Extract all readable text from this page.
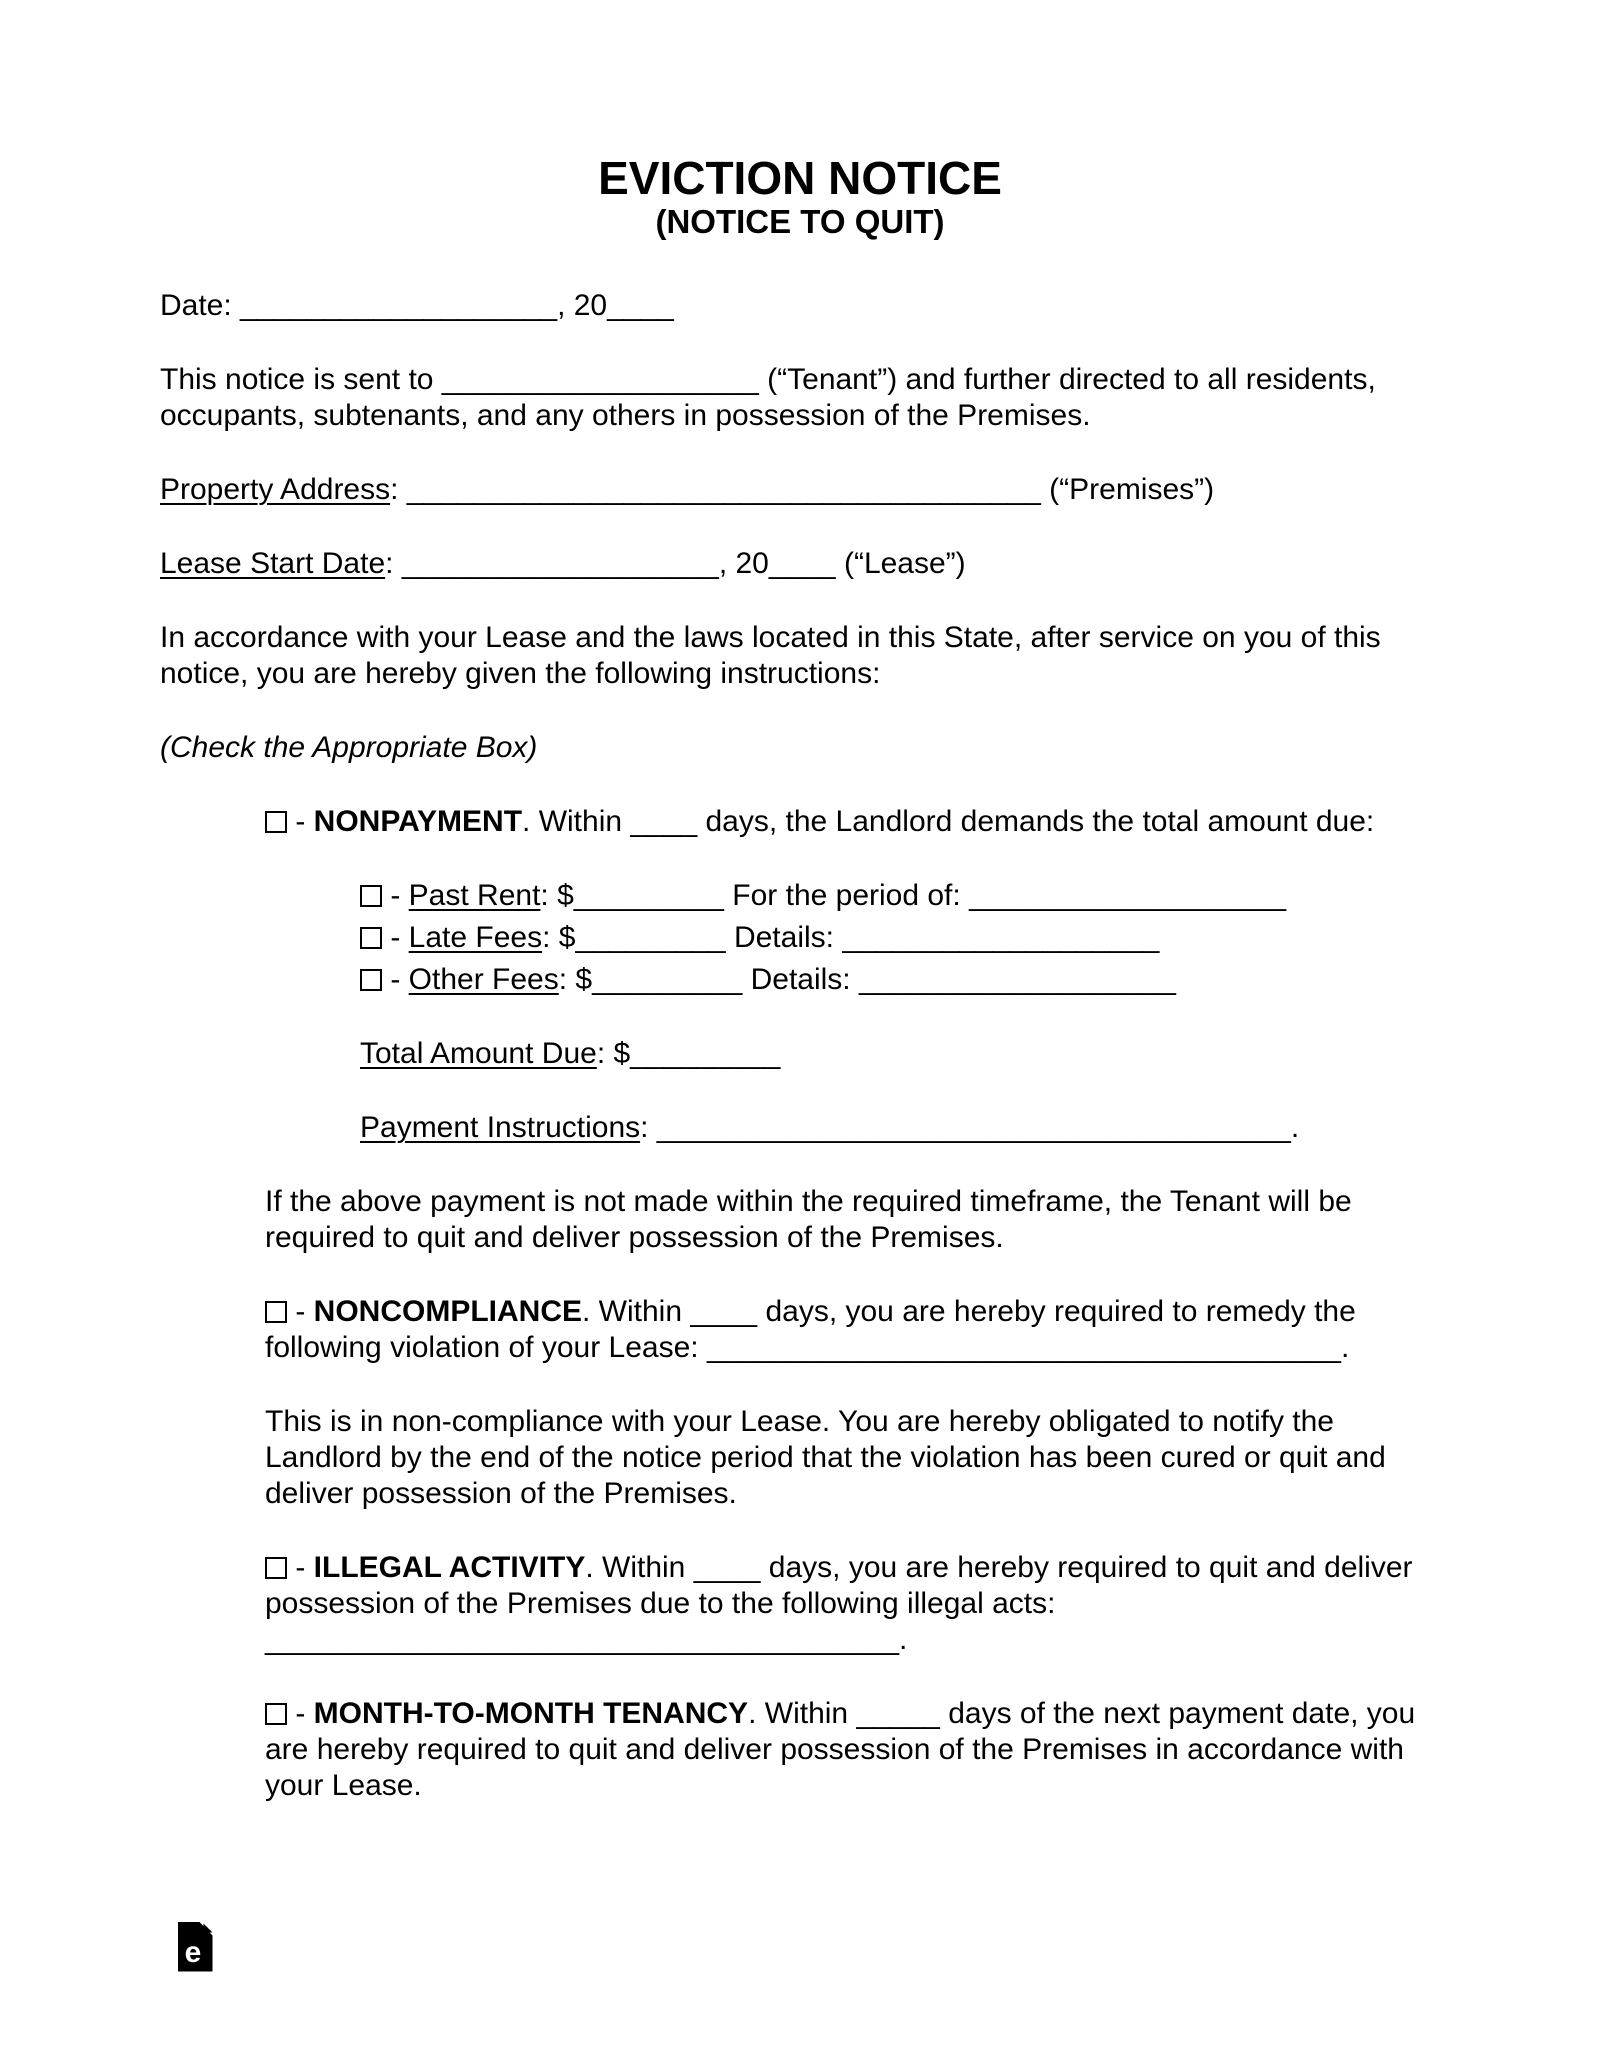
EVICTION NOTICE
(NOTICE TO QUIT)

Date: ___________________, 20____

This notice is sent to ___________________ (“Tenant”) and further directed to all residents, occupants, subtenants, and any others in possession of the Premises.

Property Address: ______________________________________ (“Premises”)

Lease Start Date: ___________________, 20____ (“Lease”)

In accordance with your Lease and the laws located in this State, after service on you of this notice, you are hereby given the following instructions:

(Check the Appropriate Box)

- NONPAYMENT. Within ____ days, the Landlord demands the total amount due:

- Past Rent: $_________ For the period of: ___________________
- Late Fees: $_________ Details: ___________________
- Other Fees: $_________ Details: ___________________

Total Amount Due: $_________

Payment Instructions: ______________________________________.

If the above payment is not made within the required timeframe, the Tenant will be required to quit and deliver possession of the Premises.

- NONCOMPLIANCE. Within ____ days, you are hereby required to remedy the following violation of your Lease: ______________________________________.

This is in non-compliance with your Lease. You are hereby obligated to notify the Landlord by the end of the notice period that the violation has been cured or quit and deliver possession of the Premises.

- ILLEGAL ACTIVITY. Within ____ days, you are hereby required to quit and deliver possession of the Premises due to the following illegal acts: ______________________________________.

- MONTH-TO-MONTH TENANCY. Within _____ days of the next payment date, you are hereby required to quit and deliver possession of the Premises in accordance with your Lease.

e
